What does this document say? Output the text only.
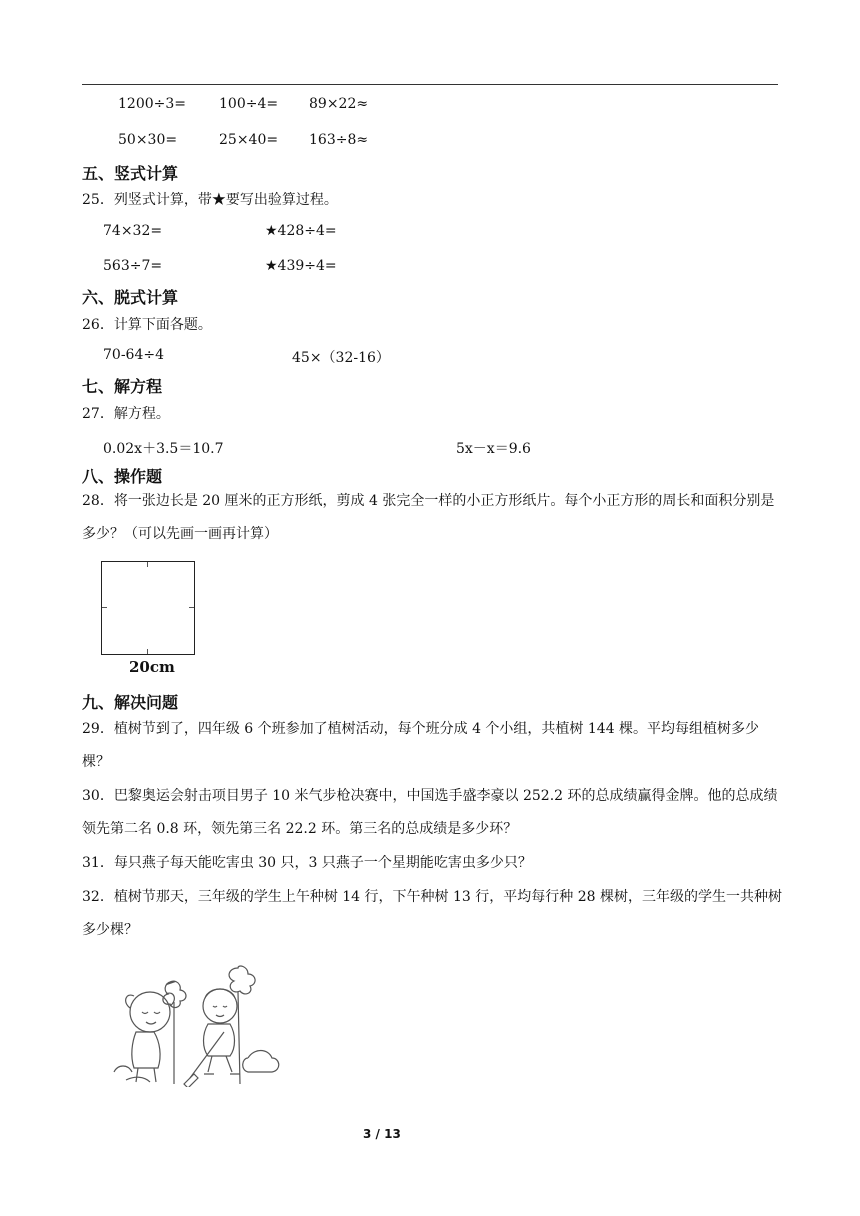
1200÷3= 100÷4= 89×22≈
50×30=	25×40= 163÷8≈
五、竖式计算
25．列竖式计算，带★要写出验算过程。
74×32=	★428÷4=
563÷7=	★439÷4=
六、脱式计算
26．计算下面各题。
70-64÷4	45×（32-16）
七、解方程
27．解方程。
0.02x＋3.5＝10.7	5x－x＝9.6
八、操作题
28．将一张边长是 20 厘米的正方形纸，剪成 4 张完全一样的小正方形纸片。每个小正方形的周长和面积分别是多少？（可以先画一画再计算）
20cm
九、解决问题
29．植树节到了，四年级 6 个班参加了植树活动，每个班分成 4 个小组，共植树 144 棵。平均每组植树多少棵？
30．巴黎奥运会射击项目男子 10 米气步枪决赛中，中国选手盛李豪以 252.2 环的总成绩赢得金牌。他的总成绩领先第二名 0.8 环，领先第三名 22.2 环。第三名的总成绩是多少环？
31．每只燕子每天能吃害虫 30 只，3 只燕子一个星期能吃害虫多少只？
32．植树节那天，三年级的学生上午种树 14 行，下午种树 13 行，平均每行种 28 棵树，三年级的学生一共种树多少棵？
3 / 13
